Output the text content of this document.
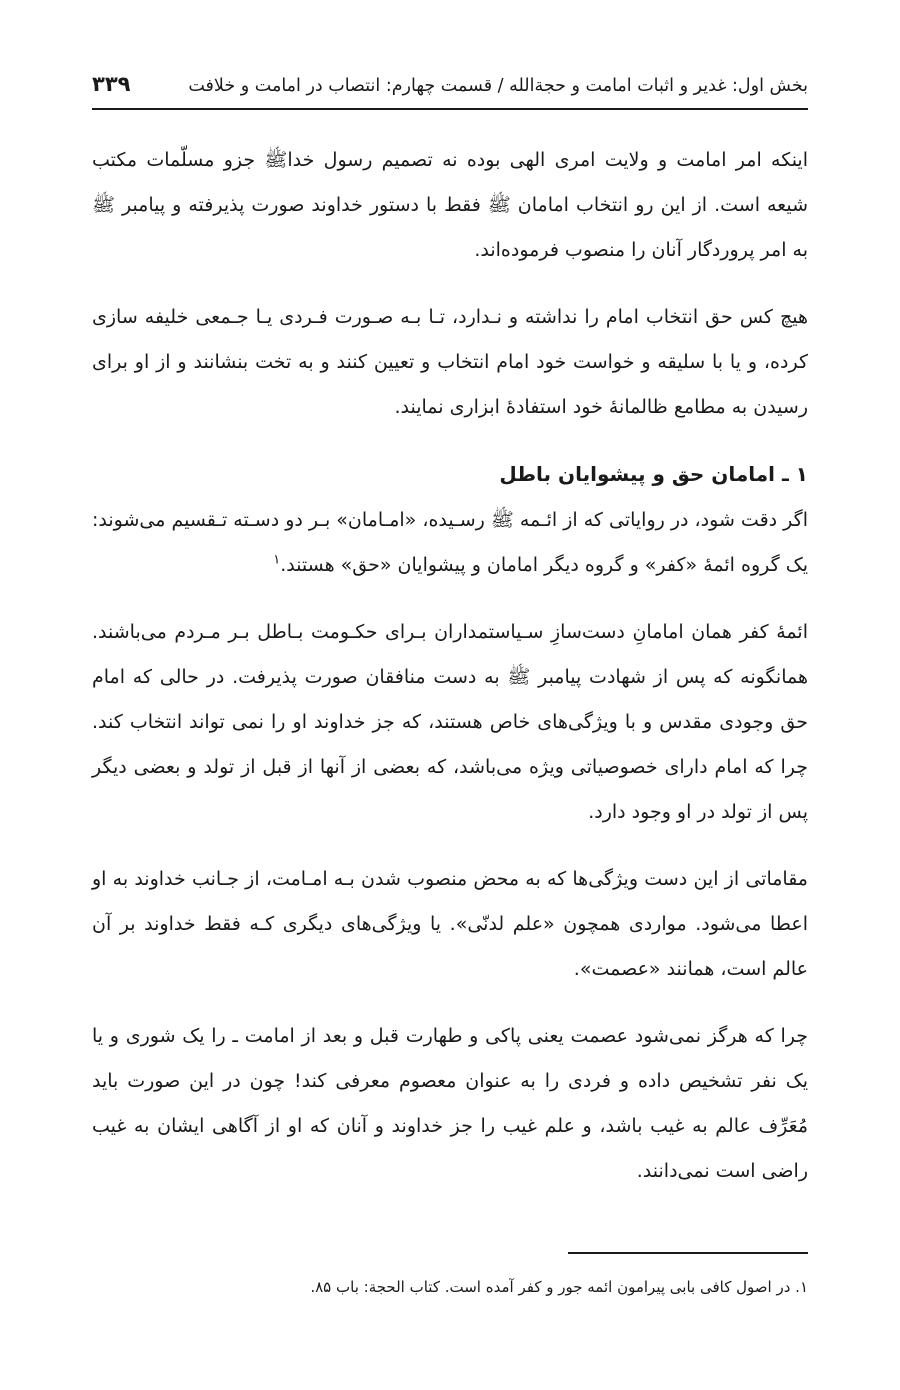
بخش اول: غدیر و اثبات امامت و حجة‌الله / قسمت چهارم: انتصاب در امامت و خلافت
۳۳۹

اینکه امر امامت و ولایت امری الهی بوده نه تصمیم رسول خداﷺ جزو مسلّمات مکتب شیعه است. از این رو انتخاب امامان ﷺ فقط با دستور خداوند صورت پذیرفته و پیامبر ﷺ به امر پروردگار آنان را منصوب فرموده‌اند.

هیچ کس حق انتخاب امام را نداشته و نـدارد، تـا بـه صـورت فـردی یـا جـمعی خلیفه سازی کرده، و یا با سلیقه و خواست خود امام انتخاب و تعیین کنند و به تخت بنشانند و از او برای رسیدن به مطامع ظالمانهٔ خود استفادهٔ ابزاری نمایند.

۱ ـ امامان حق و پیشوایان باطل

اگر دقت شود، در روایاتی که از ائـمه ﷺ رسـیده، «امـامان» بـر دو دسـته تـقسیم می‌شوند: یک گروه ائمهٔ «کفر» و گروه دیگر امامان و پیشوایان «حق» هستند.$^۱$

ائمهٔ کفر همان امامانِ دست‌سازِ سـیاستمداران بـرای حکـومت بـاطل بـر مـردم می‌باشند. همانگونه که پس از شهادت پیامبر ﷺ به دست منافقان صورت پذیرفت. در حالی که امام حق وجودی مقدس و با ویژگی‌های خاص هستند، که جز خداوند او را نمی تواند انتخاب کند. چرا که امام دارای خصوصیاتی ویژه می‌باشد، که بعضی از آنها از قبل از تولد و بعضی دیگر پس از تولد در او وجود دارد.

مقاماتی از این دست ویژگی‌ها که به محض منصوب شدن بـه امـامت، از جـانب خداوند به او اعطا می‌شود. مواردی همچون «علم لدنّی». یا ویژگی‌های دیگری کـه فقط خداوند بر آن عالم است، همانند «عصمت».

چرا که هرگز نمی‌شود عصمت یعنی پاکی و طهارت قبل و بعد از امامت ـ را یک شوری و یا یک نفر تشخیص داده و فردی را به عنوان معصوم معرفی کند! چون در این صورت باید مُعَرِّف عالم به غیب باشد، و علم غیب را جز خداوند و آنان که او از آگاهی ایشان به غیب راضی است نمی‌دانند.

۱. در اصول کافی بابی پیرامون ائمه جور و کفر آمده است. کتاب الحجة: باب ۸۵.
